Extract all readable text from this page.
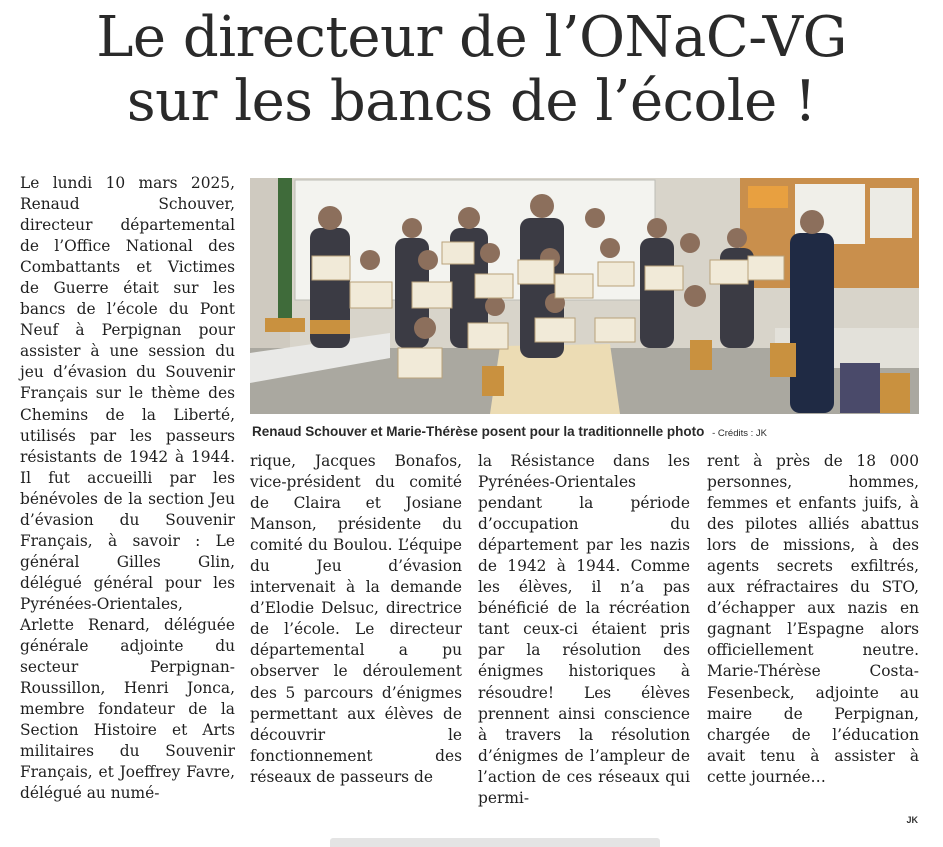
Le directeur de l’ONaC-VG
sur les bancs de l’école !

Le lundi 10 mars 2025, Renaud Schouver, directeur départemental de l’Office National des Combattants et Victimes de Guerre était sur les bancs de l’école du Pont Neuf à Perpignan pour assister à une session du jeu d’évasion du Souvenir Français sur le thème des Chemins de la Liberté, utilisés par les passeurs résistants de 1942 à 1944. Il fut accueilli par les bénévoles de la section Jeu d’évasion du Souvenir Français, à savoir : Le général Gilles Glin, délégué général pour les Pyrénées-Orientales, Arlette Renard, déléguée générale adjointe du secteur Perpignan-Roussillon, Henri Jonca, membre fondateur de la Section Histoire et Arts militaires du Souvenir Français, et Joeffrey Favre, délégué au numé-

Renaud Schouver et Marie-Thérèse posent pour la traditionnelle photo - Crédits : JK

rique, Jacques Bonafos, vice-président du comité de Claira et Josiane Manson, présidente du comité du Boulou. L’équipe du Jeu d’évasion intervenait à la demande d’Elodie Delsuc, directrice de l’école. Le directeur départemental a pu observer le déroulement des 5 parcours d’énigmes permettant aux élèves de découvrir le fonctionnement des réseaux de passeurs de

la Résistance dans les Pyrénées-Orientales pendant la période d’occupation du département par les nazis de 1942 à 1944. Comme les élèves, il n’a pas bénéficié de la récréation tant ceux-ci étaient pris par la résolution des énigmes historiques à résoudre! Les élèves prennent ainsi conscience à travers la résolution d’énigmes de l’ampleur de l’action de ces réseaux qui permi-

rent à près de 18 000 personnes, hommes, femmes et enfants juifs, à des pilotes alliés abattus lors de missions, à des agents secrets exfiltrés, aux réfractaires du STO, d’échapper aux nazis en gagnant l’Espagne alors officiellement neutre. Marie-Thérèse Costa-Fesenbeck, adjointe au maire de Perpignan, chargée de l’éducation avait tenu à assister à cette journée…

JK
